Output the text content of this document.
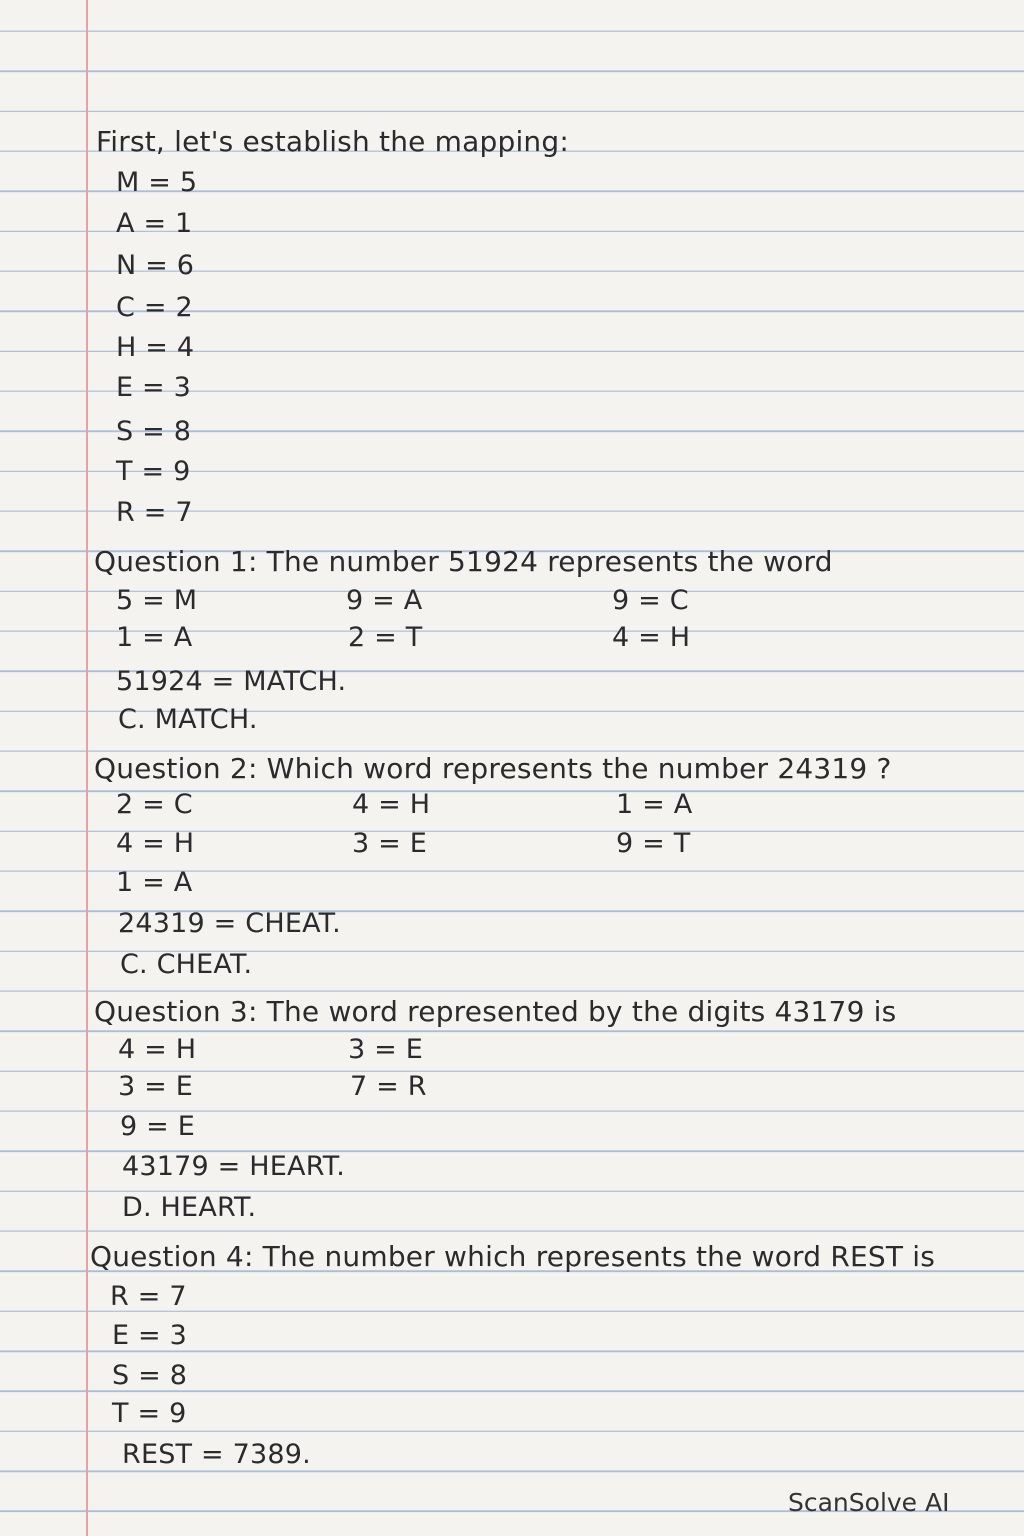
First, let's establish the mapping:
M = 5
A = 1
N = 6
C = 2
H = 4
E = 3
S = 8
T = 9
R = 7
Question 1: The number 51924 represents the word
5 = M	9 = A	9 = C
1 = A	2 = T	4 = H
51924 = MATCH.
C. MATCH.
Question 2: Which word represents the number 24319 ?
2 = C	4 = H	1 = A
4 = H	3 = E	9 = T
1 = A
24319 = CHEAT.
C. CHEAT.
Question 3: The word represented by the digits 43179 is
4 = H	3 = E
3 = E	7 = R
9 = E
43179 = HEART.
D. HEART.
Question 4: The number which represents the word REST is
R = 7
E = 3
S = 8
T = 9
REST = 7389.
ScanSolve AI
